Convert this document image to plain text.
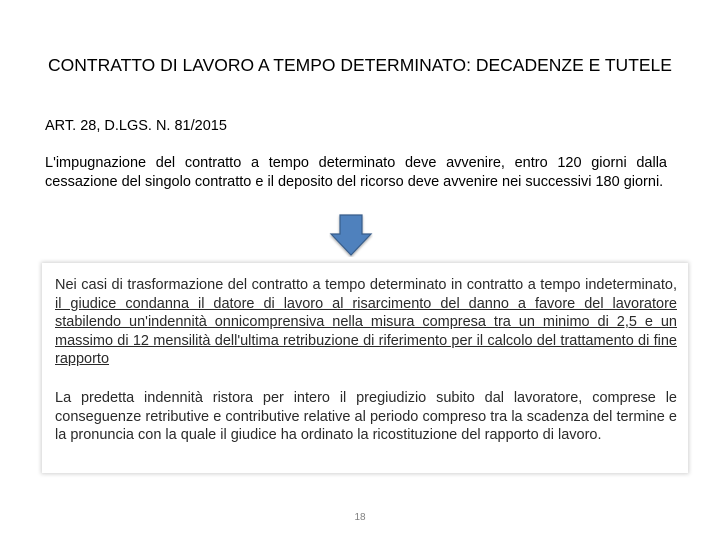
CONTRATTO DI LAVORO A TEMPO DETERMINATO: DECADENZE E TUTELE
ART. 28, D.LGS. N. 81/2015
L'impugnazione del contratto a tempo determinato deve avvenire, entro 120 giorni dalla cessazione del singolo contratto e il deposito del ricorso deve avvenire nei successivi 180 giorni.
Nei casi di trasformazione del contratto a tempo determinato in contratto a tempo indeterminato, il giudice condanna il datore di lavoro al risarcimento del danno a favore del lavoratore stabilendo un'indennità onnicomprensiva nella misura compresa tra un minimo di 2,5 e un massimo di 12 mensilità dell'ultima retribuzione di riferimento per il calcolo del trattamento di fine rapporto
La predetta indennità ristora per intero il pregiudizio subito dal lavoratore, comprese le conseguenze retributive e contributive relative al periodo compreso tra la scadenza del termine e la pronuncia con la quale il giudice ha ordinato la ricostituzione del rapporto di lavoro.
18
